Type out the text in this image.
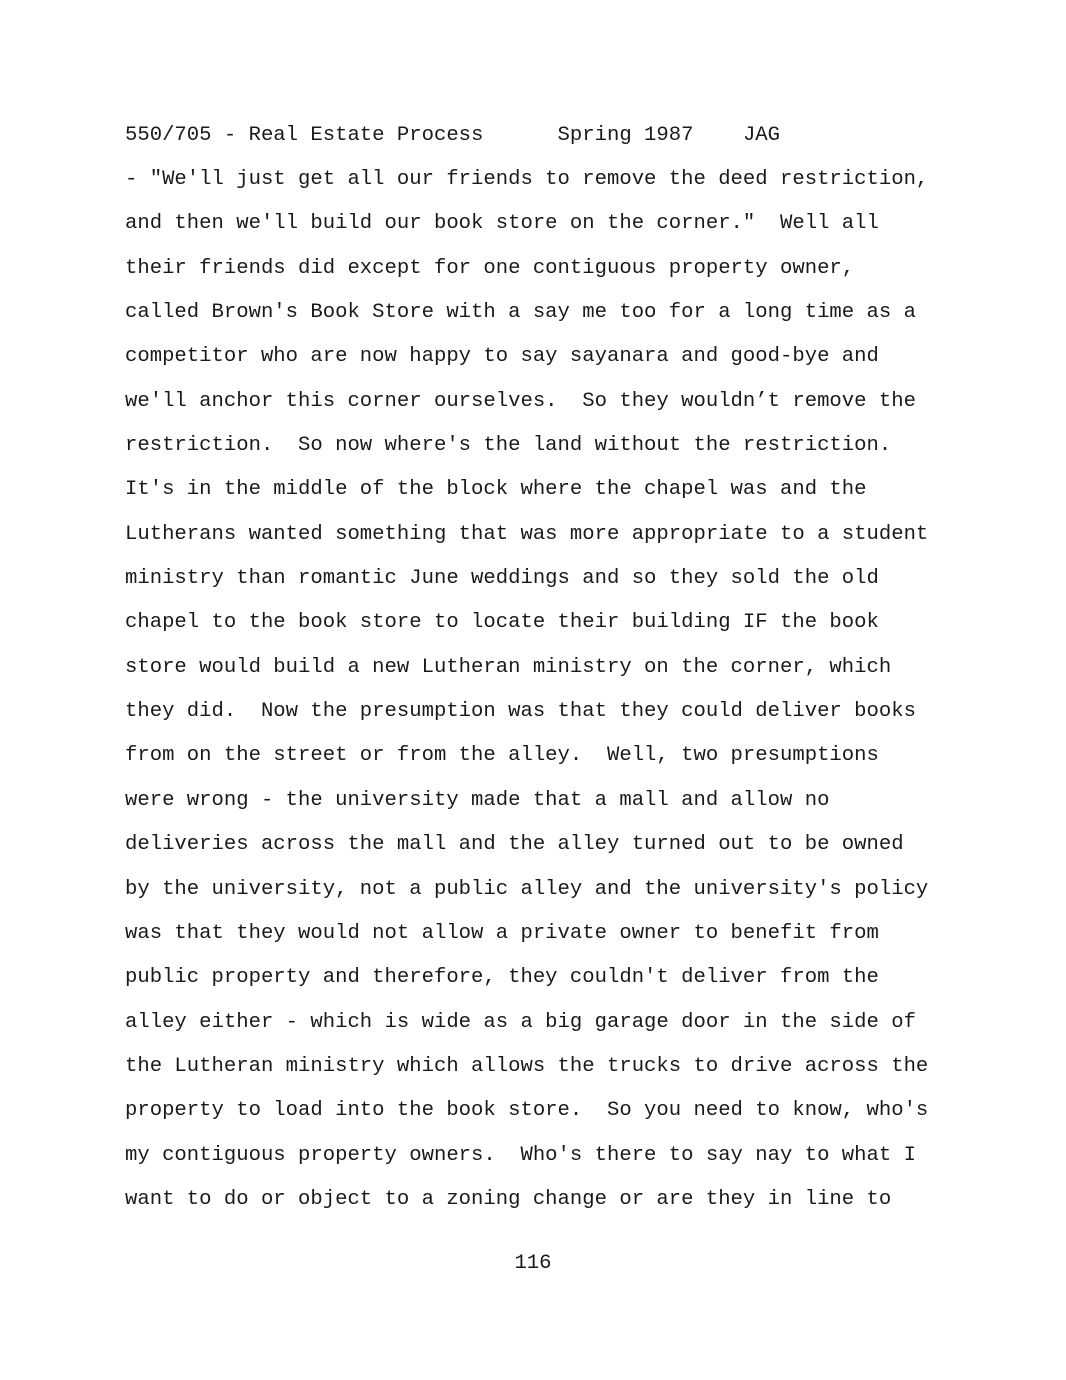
550/705 - Real Estate Process	Spring 1987 JAG
- "We'll just get all our friends to remove the deed restriction,
and then we'll build our book store on the corner."  Well all
their friends did except for one contiguous property owner,
called Brown's Book Store with a say me too for a long time as a
competitor who are now happy to say sayanara and good-bye and
we'll anchor this corner ourselves.  So they wouldn’t remove the
restriction.  So now where's the land without the restriction.
It's in the middle of the block where the chapel was and the
Lutherans wanted something that was more appropriate to a student
ministry than romantic June weddings and so they sold the old
chapel to the book store to locate their building IF the book
store would build a new Lutheran ministry on the corner, which
they did.  Now the presumption was that they could deliver books
from on the street or from the alley.  Well, two presumptions
were wrong - the university made that a mall and allow no
deliveries across the mall and the alley turned out to be owned
by the university, not a public alley and the university's policy
was that they would not allow a private owner to benefit from
public property and therefore, they couldn't deliver from the
alley either - which is wide as a big garage door in the side of
the Lutheran ministry which allows the trucks to drive across the
property to load into the book store.  So you need to know, who's
my contiguous property owners.  Who's there to say nay to what I
want to do or object to a zoning change or are they in line to
116
